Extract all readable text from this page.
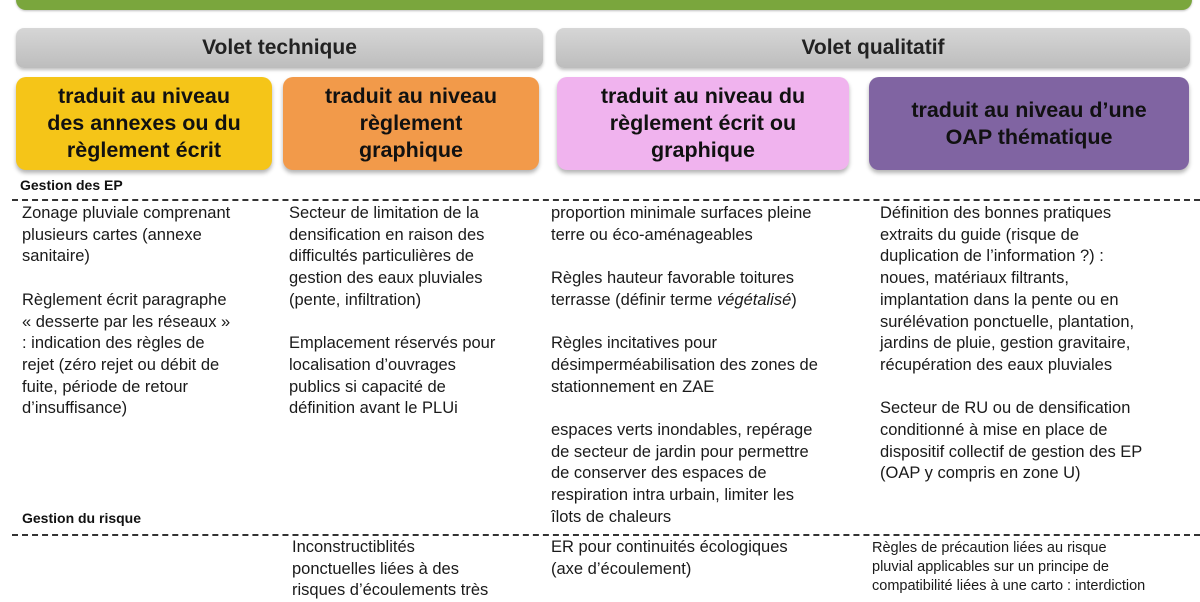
Volet technique	Volet qualitatif
traduit au niveau
des annexes ou du
règlement écrit
traduit au niveau
règlement
graphique
traduit au niveau du
règlement écrit ou
graphique
traduit au niveau d’une
OAP thématique
Gestion des EP

Zonage pluviale comprenant
plusieurs cartes (annexe
sanitaire)

Règlement écrit paragraphe
« desserte par les réseaux »
: indication des règles de
rejet (zéro rejet ou débit de
fuite, période de retour
d’insuffisance)

Secteur de limitation de la
densification en raison des
difficultés particulières de
gestion des eaux pluviales
(pente, infiltration)

Emplacement réservés pour
localisation d’ouvrages
publics si capacité de
définition avant le PLUi

proportion minimale surfaces pleine
terre ou éco-aménageables

Règles hauteur favorable toitures
terrasse (définir terme végétalisé)

Règles incitatives pour
désimperméabilisation des zones de
stationnement en ZAE

espaces verts inondables, repérage
de secteur de jardin pour permettre
de conserver des espaces de
respiration intra urbain, limiter les
îlots de chaleurs

Définition des bonnes pratiques
extraits du guide (risque de
duplication de l’information ?) :
noues, matériaux filtrants,
implantation dans la pente ou en
surélévation ponctuelle, plantation,
jardins de pluie, gestion gravitaire,
récupération des eaux pluviales

Secteur de RU ou de densification
conditionné à mise en place de
dispositif collectif de gestion des EP
(OAP y compris en zone U)

Gestion du risque

Inconstructiblités
ponctuelles liées à des
risques d’écoulements très

ER pour continuités écologiques
(axe d’écoulement)

Règles de précaution liées au risque
pluvial applicables sur un principe de
compatibilité liées à une carto : interdiction
